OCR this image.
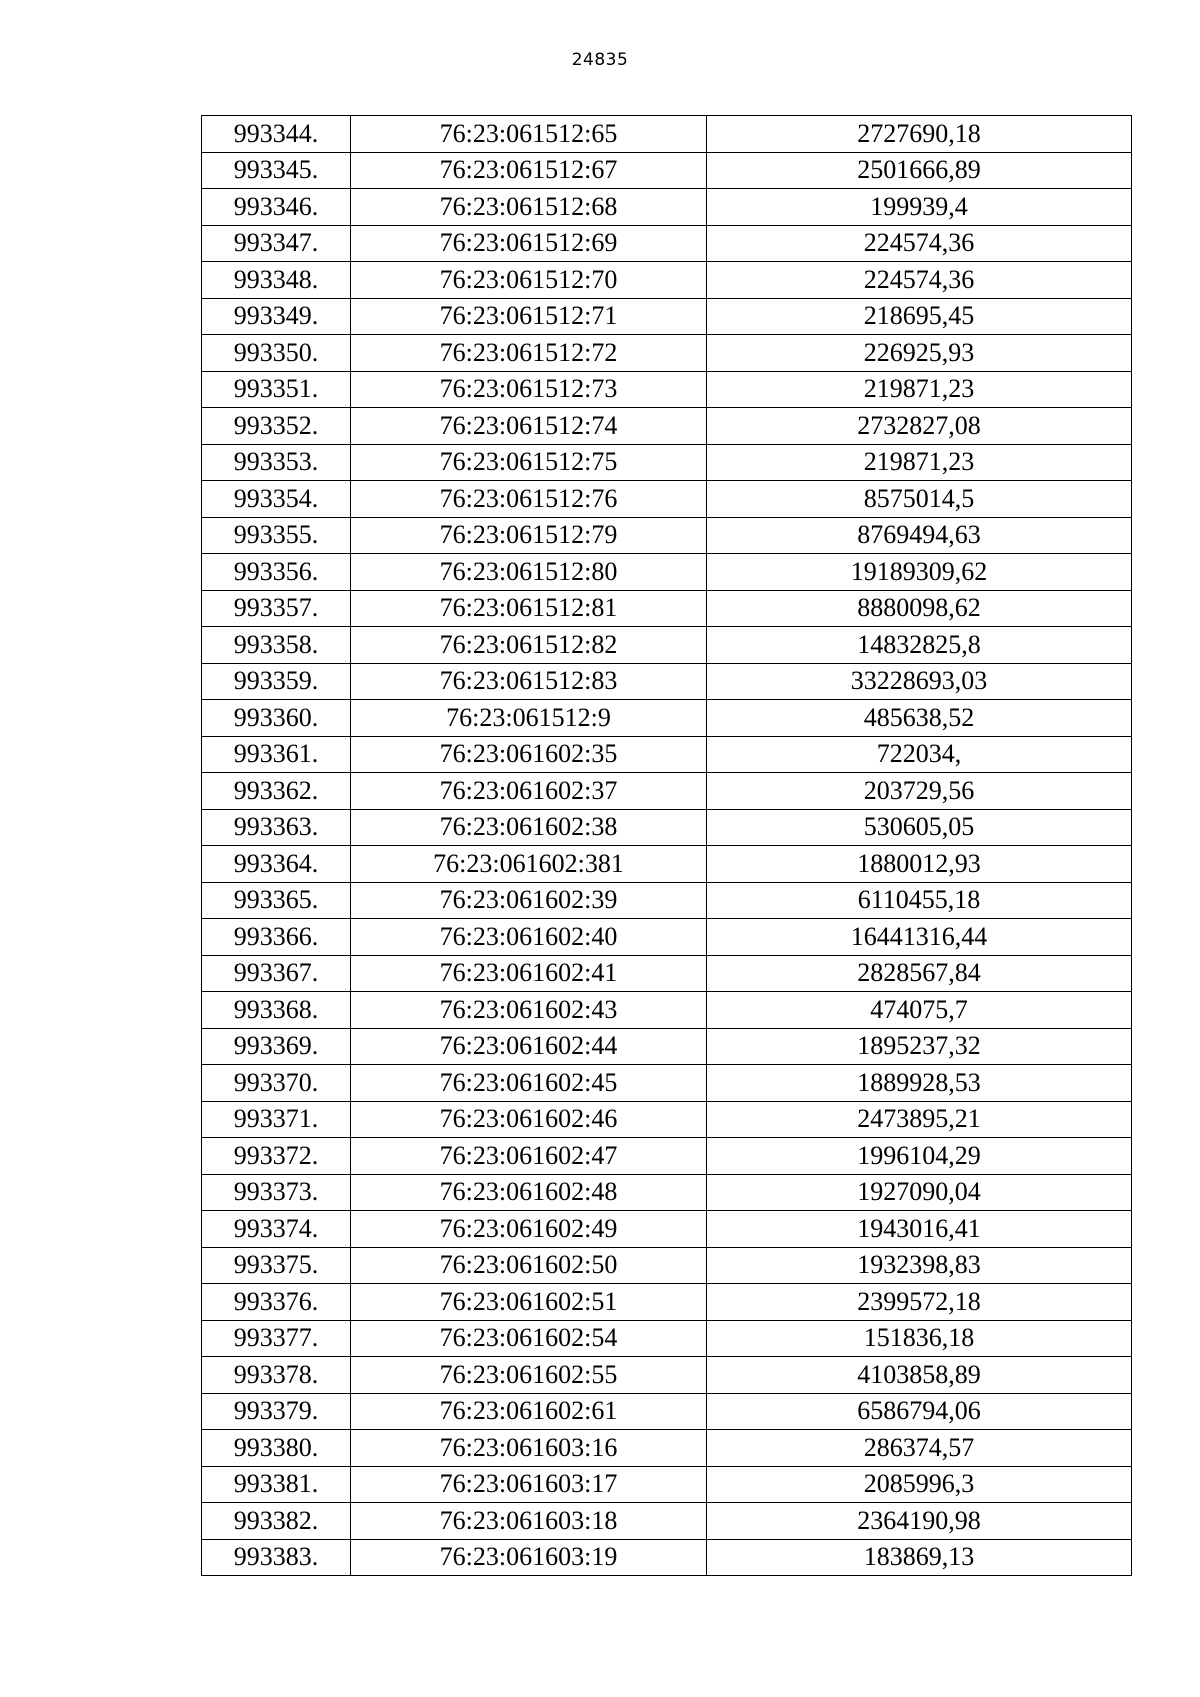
24835
993344.	76:23:061512:65	2727690,18
993345.	76:23:061512:67	2501666,89
993346.	76:23:061512:68	199939,4
993347.	76:23:061512:69	224574,36
993348.	76:23:061512:70	224574,36
993349.	76:23:061512:71	218695,45
993350.	76:23:061512:72	226925,93
993351.	76:23:061512:73	219871,23
993352.	76:23:061512:74	2732827,08
993353.	76:23:061512:75	219871,23
993354.	76:23:061512:76	8575014,5
993355.	76:23:061512:79	8769494,63
993356.	76:23:061512:80	19189309,62
993357.	76:23:061512:81	8880098,62
993358.	76:23:061512:82	14832825,8
993359.	76:23:061512:83	33228693,03
993360.	76:23:061512:9	485638,52
993361.	76:23:061602:35	722034,
993362.	76:23:061602:37	203729,56
993363.	76:23:061602:38	530605,05
993364.	76:23:061602:381	1880012,93
993365.	76:23:061602:39	6110455,18
993366.	76:23:061602:40	16441316,44
993367.	76:23:061602:41	2828567,84
993368.	76:23:061602:43	474075,7
993369.	76:23:061602:44	1895237,32
993370.	76:23:061602:45	1889928,53
993371.	76:23:061602:46	2473895,21
993372.	76:23:061602:47	1996104,29
993373.	76:23:061602:48	1927090,04
993374.	76:23:061602:49	1943016,41
993375.	76:23:061602:50	1932398,83
993376.	76:23:061602:51	2399572,18
993377.	76:23:061602:54	151836,18
993378.	76:23:061602:55	4103858,89
993379.	76:23:061602:61	6586794,06
993380.	76:23:061603:16	286374,57
993381.	76:23:061603:17	2085996,3
993382.	76:23:061603:18	2364190,98
993383.	76:23:061603:19	183869,13
